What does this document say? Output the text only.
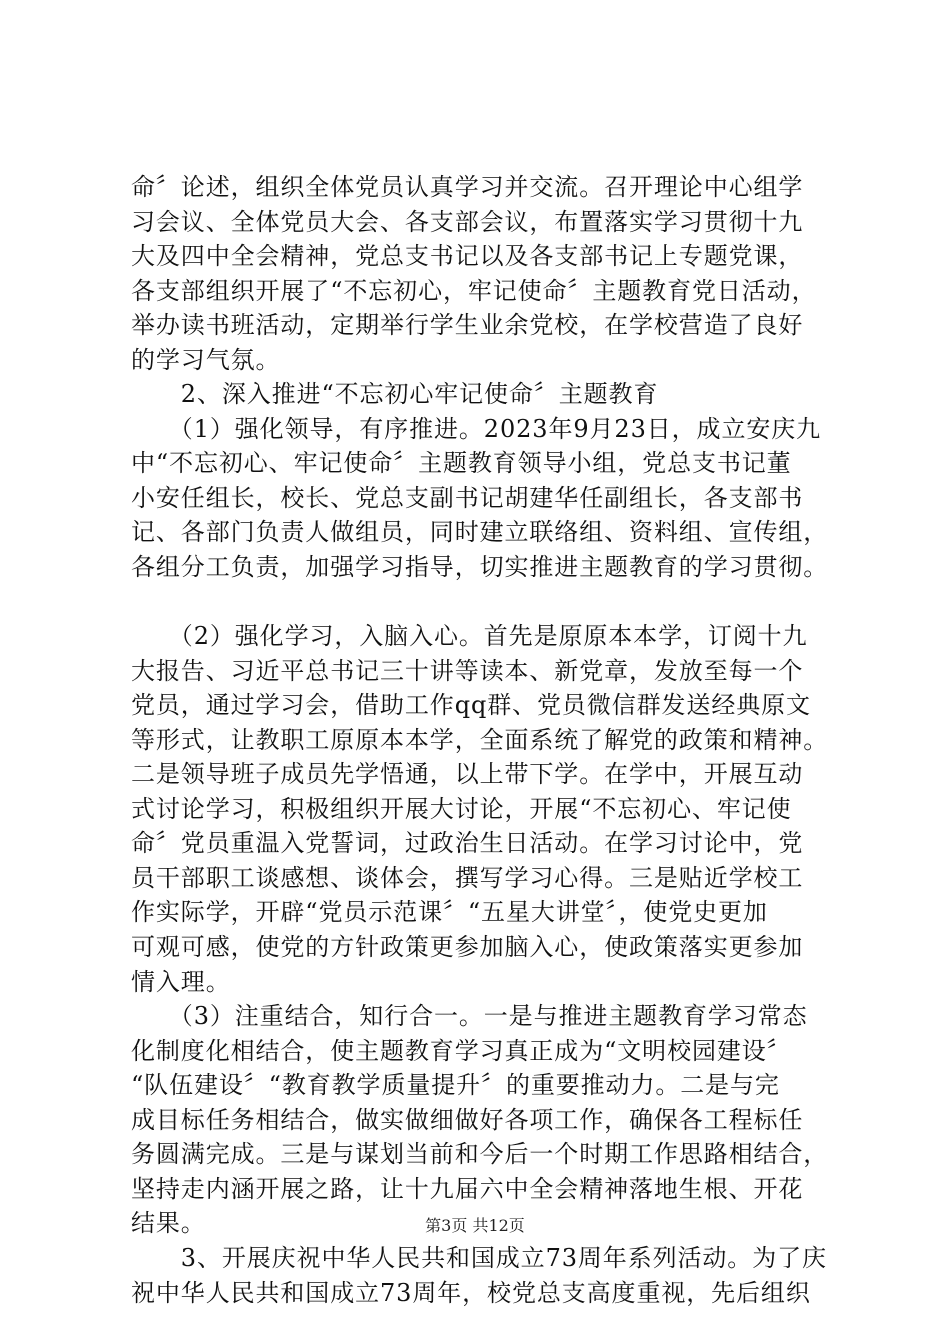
命〞论述，组织全体党员认真学习并交流。召开理论中心组学
习会议、全体党员大会、各支部会议，布置落实学习贯彻十九
大及四中全会精神，党总支书记以及各支部书记上专题党课，
各支部组织开展了“不忘初心，牢记使命〞主题教育党日活动，
举办读书班活动，定期举行学生业余党校，在学校营造了良好
的学习气氛。
　　2、深入推进“不忘初心牢记使命〞主题教育
　　（1）强化领导，有序推进。2023年9月23日，成立安庆九
中“不忘初心、牢记使命〞主题教育领导小组，党总支书记董
小安任组长，校长、党总支副书记胡建华任副组长，各支部书
记、各部门负责人做组员，同时建立联络组、资料组、宣传组，
各组分工负责，加强学习指导，切实推进主题教育的学习贯彻。
　　（2）强化学习，入脑入心。首先是原原本本学，订阅十九
大报告、习近平总书记三十讲等读本、新党章，发放至每一个
党员，通过学习会，借助工作qq群、党员微信群发送经典原文
等形式，让教职工原原本本学，全面系统了解党的政策和精神。
二是领导班子成员先学悟通，以上带下学。在学中，开展互动
式讨论学习，积极组织开展大讨论，开展“不忘初心、牢记使
命〞党员重温入党誓词，过政治生日活动。在学习讨论中，党
员干部职工谈感想、谈体会，撰写学习心得。三是贴近学校工
作实际学，开辟“党员示范课〞“五星大讲堂〞，使党史更加
可观可感，使党的方针政策更参加脑入心，使政策落实更参加
情入理。
　　（3）注重结合，知行合一。一是与推进主题教育学习常态
化制度化相结合，使主题教育学习真正成为“文明校园建设〞
“队伍建设〞“教育教学质量提升〞的重要推动力。二是与完
成目标任务相结合，做实做细做好各项工作，确保各工程标任
务圆满完成。三是与谋划当前和今后一个时期工作思路相结合，
坚持走内涵开展之路，让十九届六中全会精神落地生根、开花
结果。
　　3、开展庆祝中华人民共和国成立73周年系列活动。为了庆
祝中华人民共和国成立73周年，校党总支高度重视，先后组织
第3页 共12页
